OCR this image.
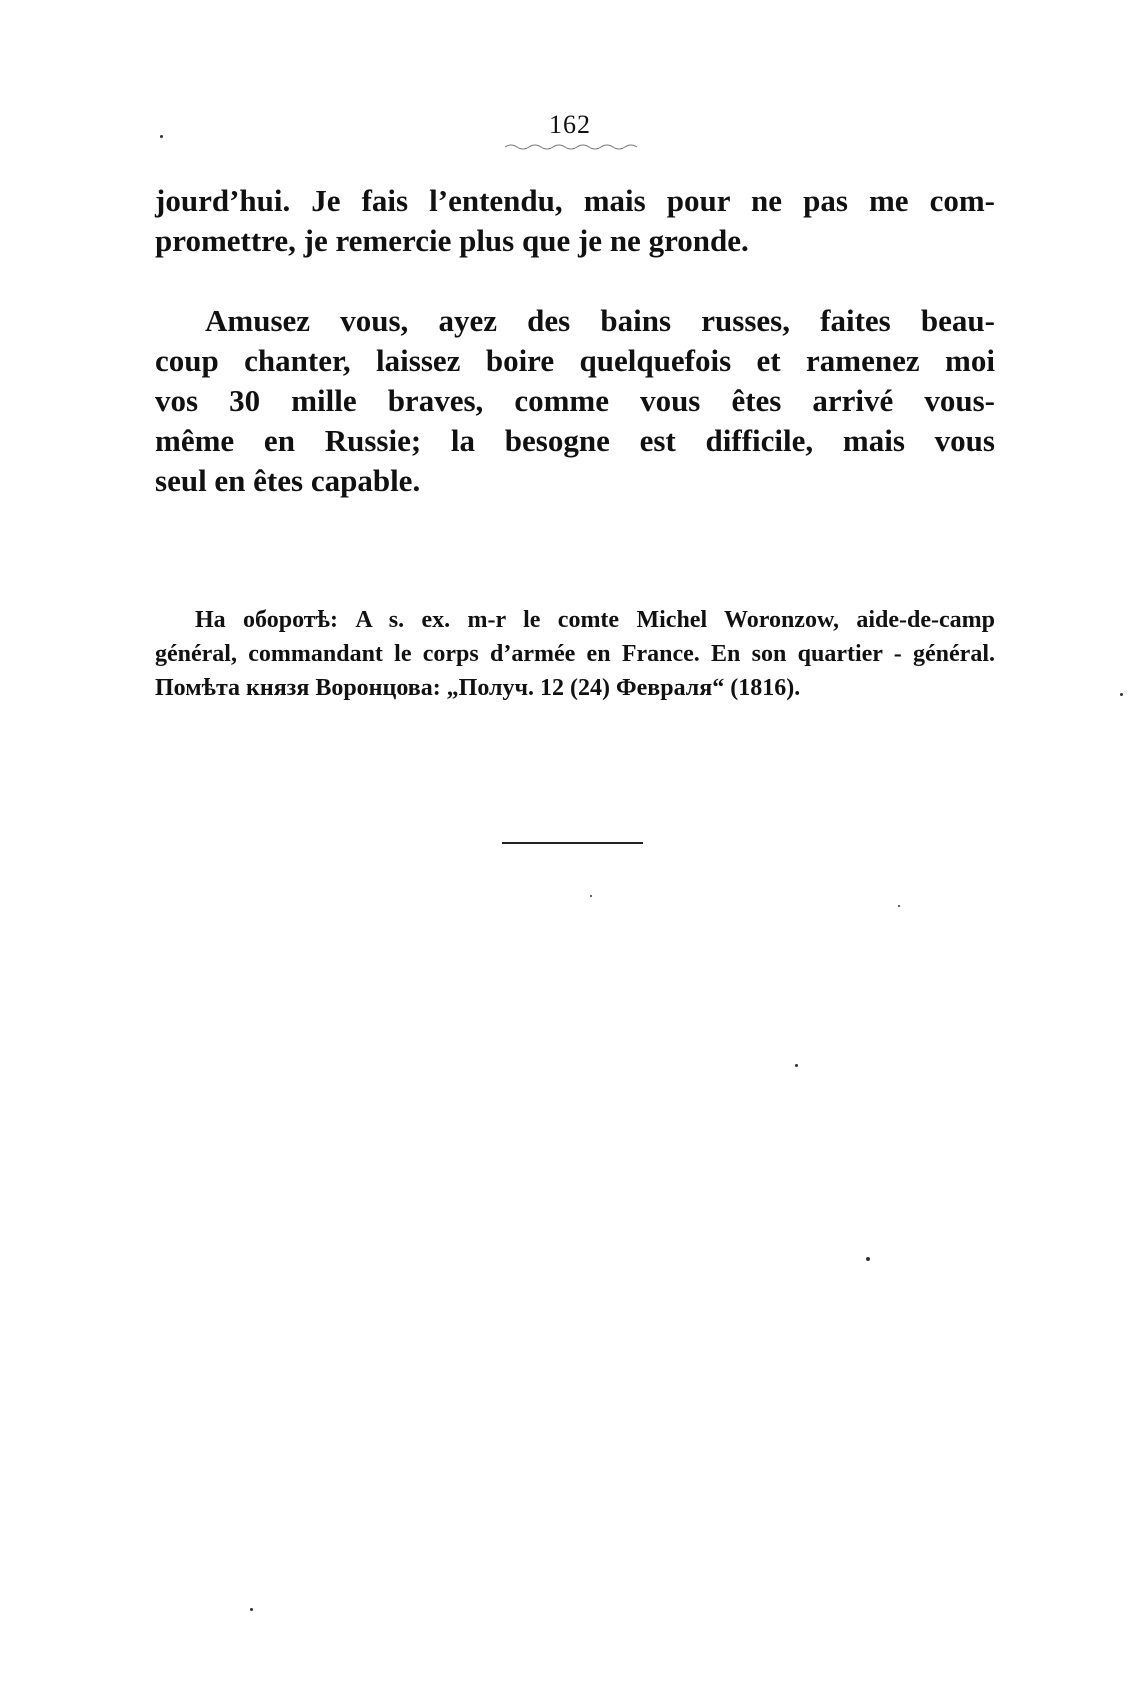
162
jourd’hui. Je fais l’entendu, mais pour ne pas me com-
promettre, je remercie plus que je ne gronde.
Amusez vous, ayez des bains russes, faites beau-
coup chanter, laissez boire quelquefois et ramenez moi
vos 30 mille braves, comme vous êtes arrivé vous-
même en Russie; la besogne est difficile, mais vous
seul en êtes capable.
На оборотѣ: A s. ex. m-r le comte Michel Woronzow, aide-de-camp
général, commandant le corps d’armée en France. En son quartier - général.
Помѣта князя Воронцова: „Получ. 12 (24) Февраля“ (1816).
